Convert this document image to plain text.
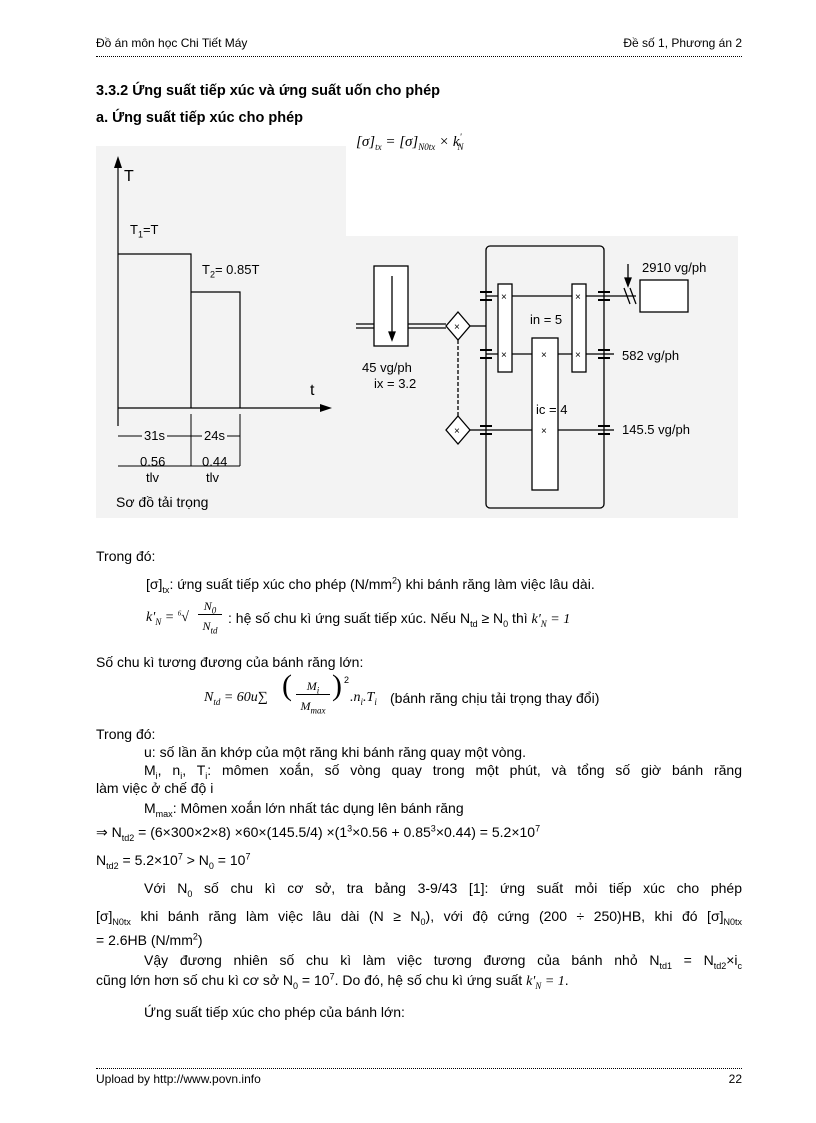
Đồ án môn học Chi Tiết Máy	Đề số 1, Phương án 2
3.3.2 Ứng suất tiếp xúc và ứng suất uốn cho phép
a. Ứng suất tiếp xúc cho phép
$[\sigma]_{tx} = [\sigma]_{N0tx} \times k'_N$
T
t
$T_1=T$
$T_2= 0.85T$
31s	24s
0.56	0.44
tlv	tlv
Sơ đồ tải trọng
×	×
×	×
×
×
×
×
2910 vg/ph
in = 5
582 vg/ph
45 vg/ph
ix = 3.2
ic = 4
145.5 vg/ph
Trong đó:
$[\sigma]_{tx}$: ứng suất tiếp xúc cho phép $(N/mm^2)$ khi bánh răng làm việc lâu dài.
$k'_N = ^6√$
$N_0$
$N_{td}$
: hệ số chu kì ứng suất tiếp xúc. Nếu $N_{td} \ge N_0$ thì $k'_N = 1$
Số chu kì tương đương của bánh răng lớn:
$N_{td} = 60u\sum$ (	$M_i$
$M_{max}$
) 2
$.n_i.T_i$ (bánh răng chịu tải trọng thay đổi)
Trong đó:
u: số lần ăn khớp của một răng khi bánh răng quay một vòng.
$M_i$, $n_i$, $T_i$: mômen xoắn, số vòng quay trong một phút, và tổng số giờ bánh răng
làm việc ở chế độ i
$M_{max}$: Mômen xoắn lớn nhất tác dụng lên bánh răng
⇒ $N_{td2} = (6\times 300\times 2\times 8) \times 60\times(145.5/4) \times(1^3\times 0.56 + 0.85^3\times 0.44) = 5.2\times 10^7$
$N_{td2} = 5.2\times 10^7 > N_0 = 10^7$
Với $N_0$ số chu kì cơ sở, tra bảng 3-9/43 [1]: ứng suất mỏi tiếp xúc cho phép
$[\sigma]_{N0tx}$ khi bánh răng làm việc lâu dài $(N \ge N_0)$, với độ cứng (200 ÷ 250)HB, khi đó $[\sigma]_{N0tx}$
= 2.6HB $(N/mm^2)$
Vậy đương nhiên số chu kì làm việc tương đương của bánh nhỏ $N_{td1} = N_{td2}\times i_c$
cũng lớn hơn số chu kì cơ sở $N_0 = 10^7$. Do đó, hệ số chu kì ứng suất $k'_N = 1$.
Ứng suất tiếp xúc cho phép của bánh lớn:
Upload by http://www.povn.info	22
